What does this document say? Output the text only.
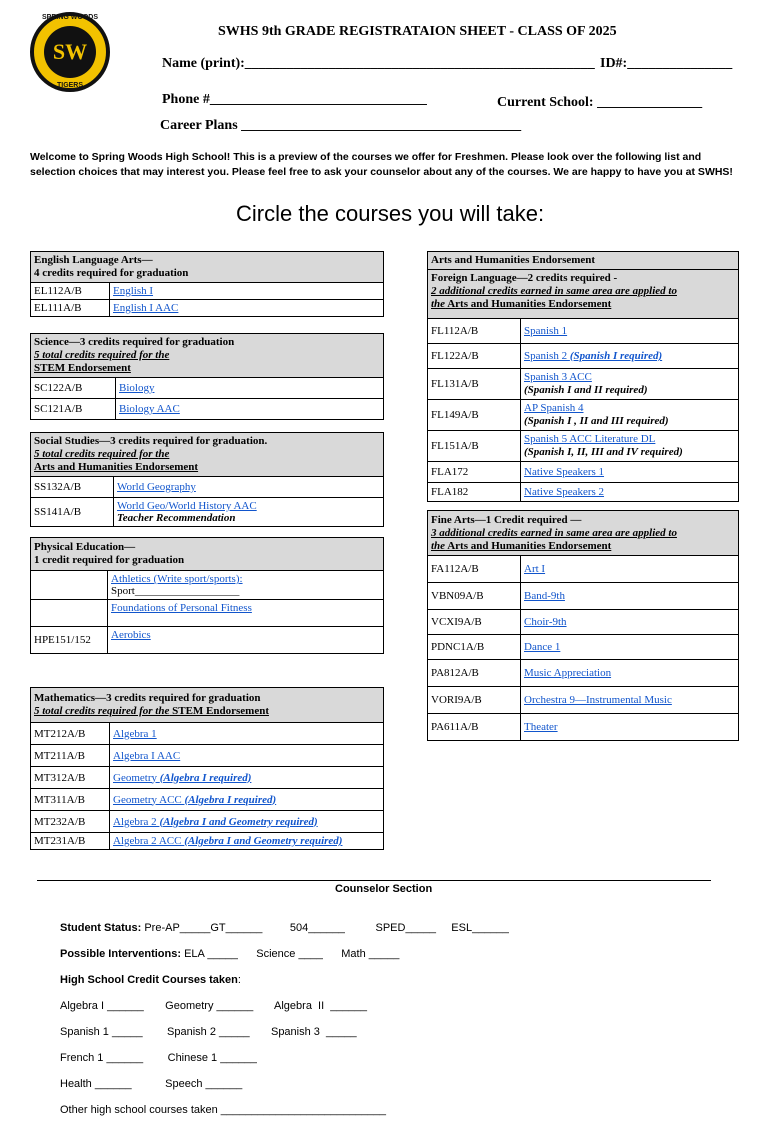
SPRING WOODS
SW
TIGERS
SWHS 9th GRADE REGISTRATAION SHEET - CLASS OF 2025
Name (print):__________________________________________________ ID#:_______________
Phone #_______________________________	Current School: _______________
Career Plans ________________________________________
Welcome to Spring Woods High School! This is a preview of the courses we offer for Freshmen. Please look over the following list and selection choices that may interest you. Please feel free to ask your counselor about any of the courses. We are happy to have you at SWHS!
Circle the courses you will take:
English Language Arts—
4 credits required for graduation	
EL112A/B	English I
EL111A/B	English I AAC
Science—3 credits required for graduation
5 total credits required for the
STEM Endorsement	
SC122A/B	Biology
SC121A/B	Biology AAC
Social Studies—3 credits required for graduation.
5 total credits required for the
Arts and Humanities Endorsement	
SS132A/B	World Geography
SS141A/B	World Geo/World History AAC
Teacher Recommendation
Physical Education—
1 credit required for graduation	
	Athletics (Write sport/sports):
Sport___________________
	Foundations of Personal Fitness
HPE151/152	Aerobics
Mathematics—3 credits required for graduation
5 total credits required for the STEM Endorsement	
MT212A/B	Algebra 1
MT211A/B	Algebra I AAC
MT312A/B	Geometry (Algebra I required)
MT311A/B	Geometry ACC (Algebra I required)
MT232A/B	Algebra 2 (Algebra I and Geometry required)
MT231A/B	Algebra 2 ACC (Algebra I and Geometry required)
Arts and Humanities Endorsement	
Foreign Language—2 credits required -
2 additional credits earned in same area are applied to
the Arts and Humanities Endorsement	
FL112A/B	Spanish 1
FL122A/B	Spanish 2 (Spanish I required)
FL131A/B	Spanish 3 ACC
(Spanish I and II required)
FL149A/B	AP Spanish 4
(Spanish I , II and III required)
FL151A/B	Spanish 5 ACC Literature DL
(Spanish I, II, III and IV required)
FLA172	Native Speakers 1
FLA182	Native Speakers 2
Fine Arts—1 Credit required —
3 additional credits earned in same area are applied to
the Arts and Humanities Endorsement	
FA112A/B	Art I
VBN09A/B	Band-9th
VCXI9A/B	Choir-9th
PDNC1A/B	Dance 1
PA812A/B	Music Appreciation
VORI9A/B	Orchestra 9—Instrumental Music
PA611A/B	Theater
Counselor Section

Student Status: Pre-AP_____GT______         504______          SPED_____     ESL______

Possible Interventions: ELA _____      Science ____      Math _____

High School Credit Courses taken:

Algebra I ______       Geometry ______       Algebra  II  ______

Spanish 1 _____        Spanish 2 _____       Spanish 3  _____

French 1 ______        Chinese 1 ______

Health ______           Speech ______

Other high school courses taken ___________________________
